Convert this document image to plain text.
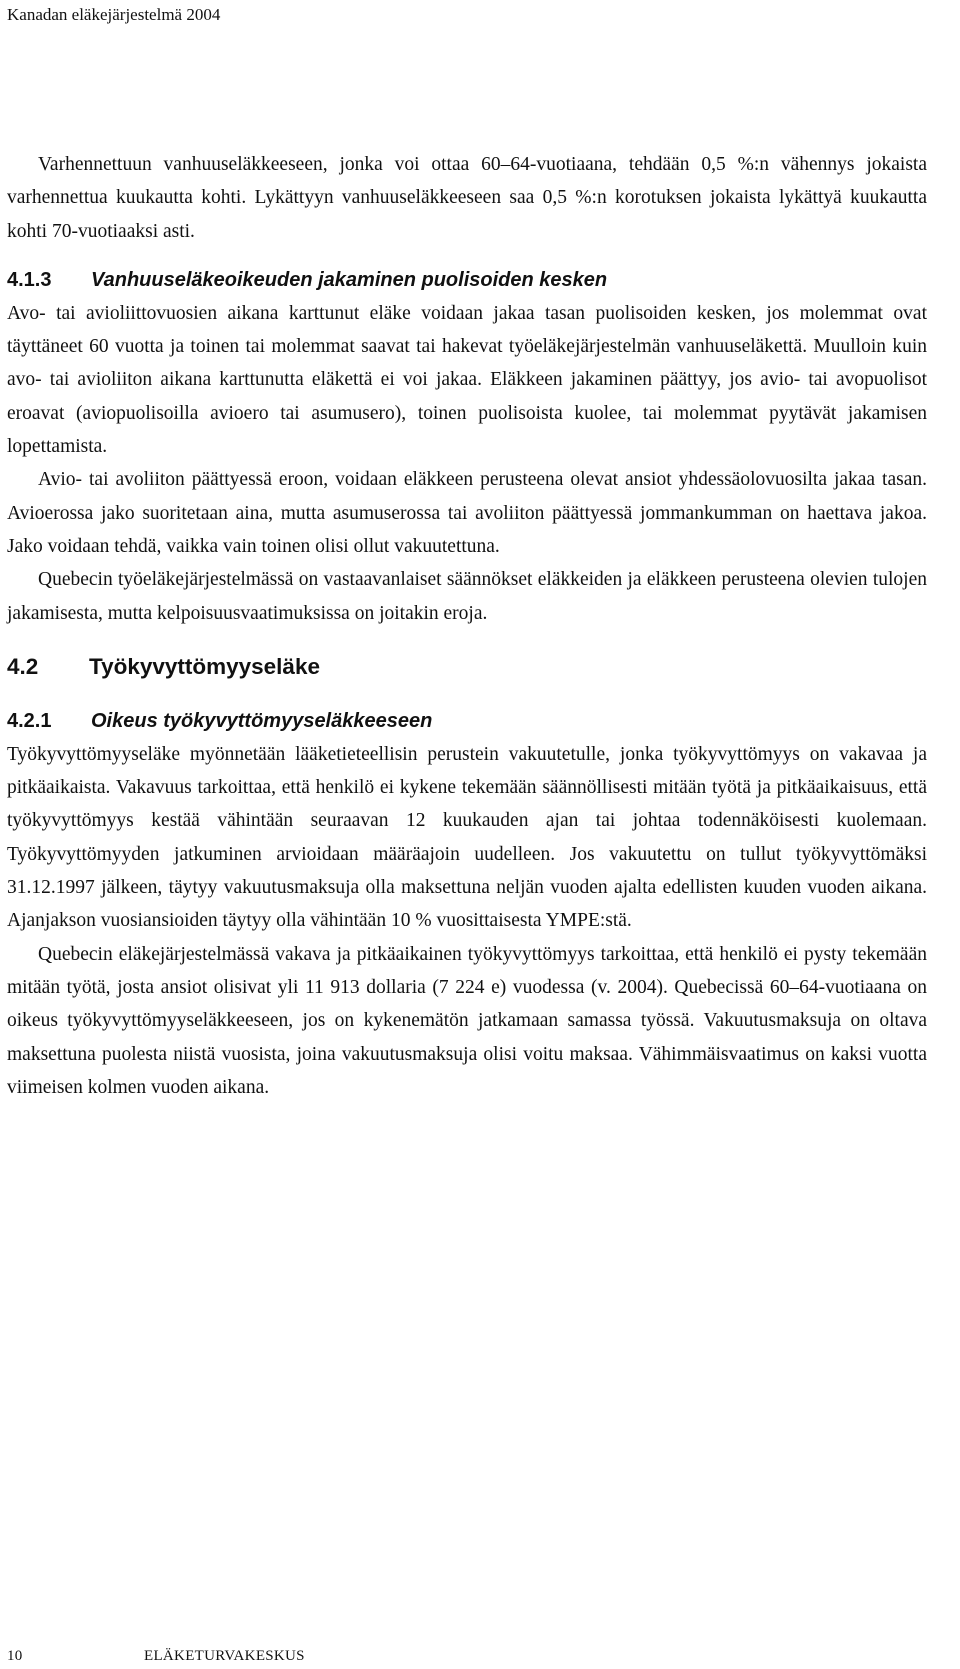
Kanadan eläkejärjestelmä 2004

Varhennettuun vanhuuseläkkeeseen, jonka voi ottaa 60–64-vuotiaana, tehdään 0,5 %:n vähennys jokaista varhennettua kuukautta kohti. Lykättyyn vanhuuseläkkeeseen saa 0,5 %:n korotuksen jokaista lykättyä kuukautta kohti 70-vuotiaaksi asti.

4.1.3 Vanhuuseläkeoikeuden jakaminen puolisoiden kesken

Avo- tai avioliittovuosien aikana karttunut eläke voidaan jakaa tasan puolisoiden kesken, jos molemmat ovat täyttäneet 60 vuotta ja toinen tai molemmat saavat tai hakevat työeläkejärjestelmän vanhuuseläkettä. Muulloin kuin avo- tai avioliiton aikana karttunutta eläkettä ei voi jakaa. Eläkkeen jakaminen päättyy, jos avio- tai avopuolisot eroavat (aviopuolisoilla avioero tai asumusero), toinen puolisoista kuolee, tai molemmat pyytävät jakamisen lopettamista.

Avio- tai avoliiton päättyessä eroon, voidaan eläkkeen perusteena olevat ansiot yhdessäolovuosilta jakaa tasan. Avioerossa jako suoritetaan aina, mutta asumuserossa tai avoliiton päättyessä jommankumman on haettava jakoa. Jako voidaan tehdä, vaikka vain toinen olisi ollut vakuutettuna.

Quebecin työeläkejärjestelmässä on vastaavanlaiset säännökset eläkkeiden ja eläkkeen perusteena olevien tulojen jakamisesta, mutta kelpoisuusvaatimuksissa on joitakin eroja.

4.2 Työkyvyttömyyseläke
4.2.1 Oikeus työkyvyttömyyseläkkeeseen

Työkyvyttömyyseläke myönnetään lääketieteellisin perustein vakuutetulle, jonka työkyvyttömyys on vakavaa ja pitkäaikaista. Vakavuus tarkoittaa, että henkilö ei kykene tekemään säännöllisesti mitään työtä ja pitkäaikaisuus, että työkyvyttömyys kestää vähintään seuraavan 12 kuukauden ajan tai johtaa todennäköisesti kuolemaan. Työkyvyttömyyden jatkuminen arvioidaan määräajoin uudelleen. Jos vakuutettu on tullut työkyvyttömäksi 31.12.1997 jälkeen, täytyy vakuutusmaksuja olla maksettuna neljän vuoden ajalta edellisten kuuden vuoden aikana. Ajanjakson vuosiansioiden täytyy olla vähintään 10 % vuosittaisesta YMPE:stä.

Quebecin eläkejärjestelmässä vakava ja pitkäaikainen työkyvyttömyys tarkoittaa, että henkilö ei pysty tekemään mitään työtä, josta ansiot olisivat yli 11 913 dollaria (7 224 e) vuodessa (v. 2004). Quebecissä 60–64-vuotiaana on oikeus työkyvyttömyyseläkkeeseen, jos on kykenemätön jatkamaan samassa työssä. Vakuutusmaksuja on oltava maksettuna puolesta niistä vuosista, joina vakuutusmaksuja olisi voitu maksaa. Vähimmäisvaatimus on kaksi vuotta viimeisen kolmen vuoden aikana.

10	ELÄKETURVAKESKUS
